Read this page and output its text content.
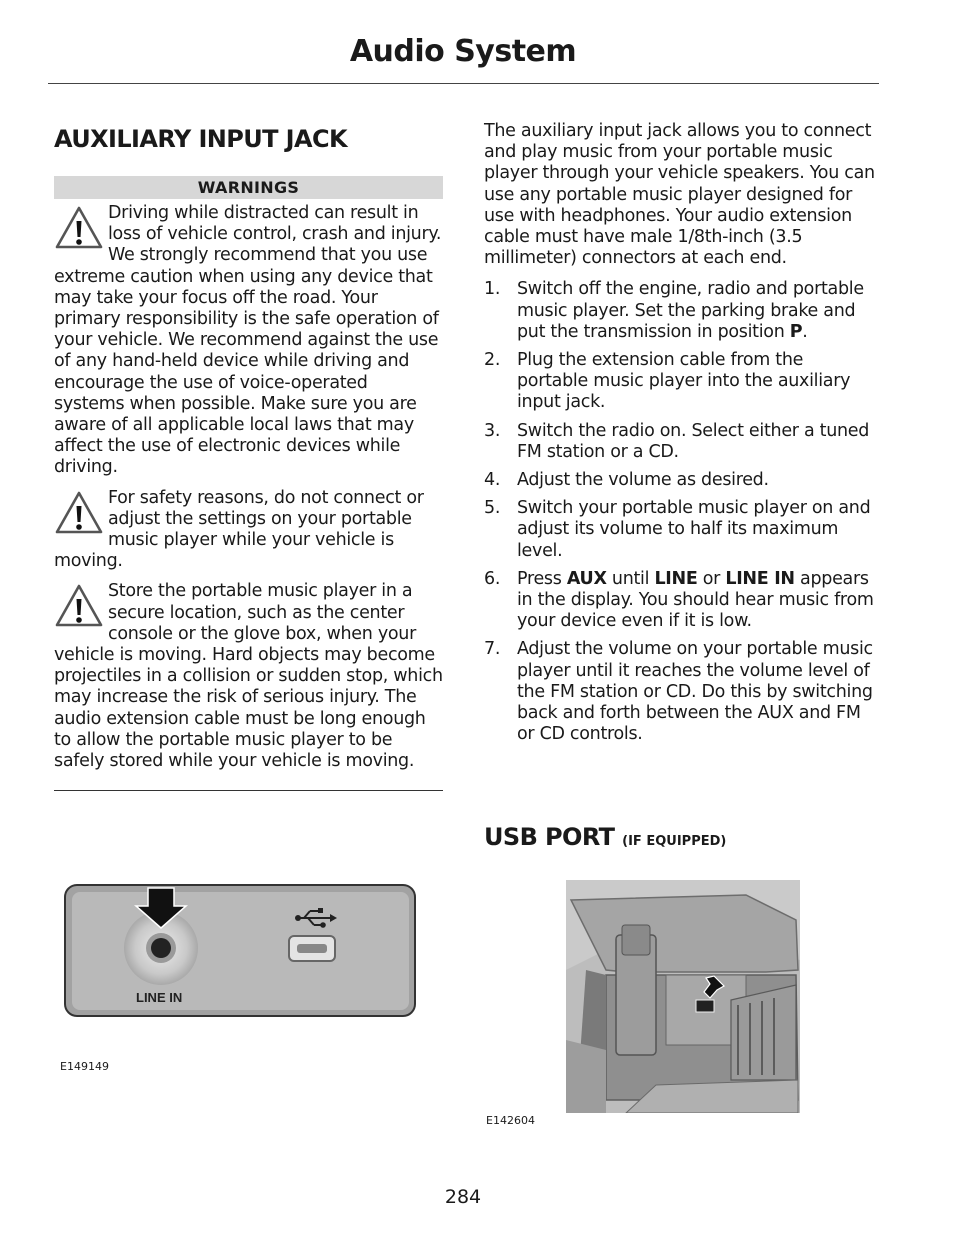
Audio System
AUXILIARY INPUT JACK
WARNINGS
Driving while distracted can result in loss of vehicle control, crash and injury. We strongly recommend that you use extreme caution when using any device that may take your focus off the road. Your primary responsibility is the safe operation of your vehicle. We recommend against the use of any hand-held device while driving and encourage the use of voice-operated systems when possible. Make sure you are aware of all applicable local laws that may affect the use of electronic devices while driving.
For safety reasons, do not connect or adjust the settings on your portable music player while your vehicle is moving.
Store the portable music player in a secure location, such as the center console or the glove box, when your vehicle is moving. Hard objects may become projectiles in a collision or sudden stop, which may increase the risk of serious injury. The audio extension cable must be long enough to allow the portable music player to be safely stored while your vehicle is moving.

The auxiliary input jack allows you to connect and play music from your portable music player through your vehicle speakers. You can use any portable music player designed for use with headphones. Your audio extension cable must have male 1/8th-inch (3.5 millimeter) connectors at each end.

1. Switch off the engine, radio and portable music player. Set the parking brake and put the transmission in position P.
2. Plug the extension cable from the portable music player into the auxiliary input jack.
3. Switch the radio on. Select either a tuned FM station or a CD.
4. Adjust the volume as desired.
5. Switch your portable music player on and adjust its volume to half its maximum level.
6. Press AUX until LINE or LINE IN appears in the display. You should hear music from your device even if it is low.
7. Adjust the volume on your portable music player until it reaches the volume level of the FM station or CD. Do this by switching back and forth between the AUX and FM or CD controls.
USB PORT (IF EQUIPPED)
LINE IN
E149149
E142604
284
